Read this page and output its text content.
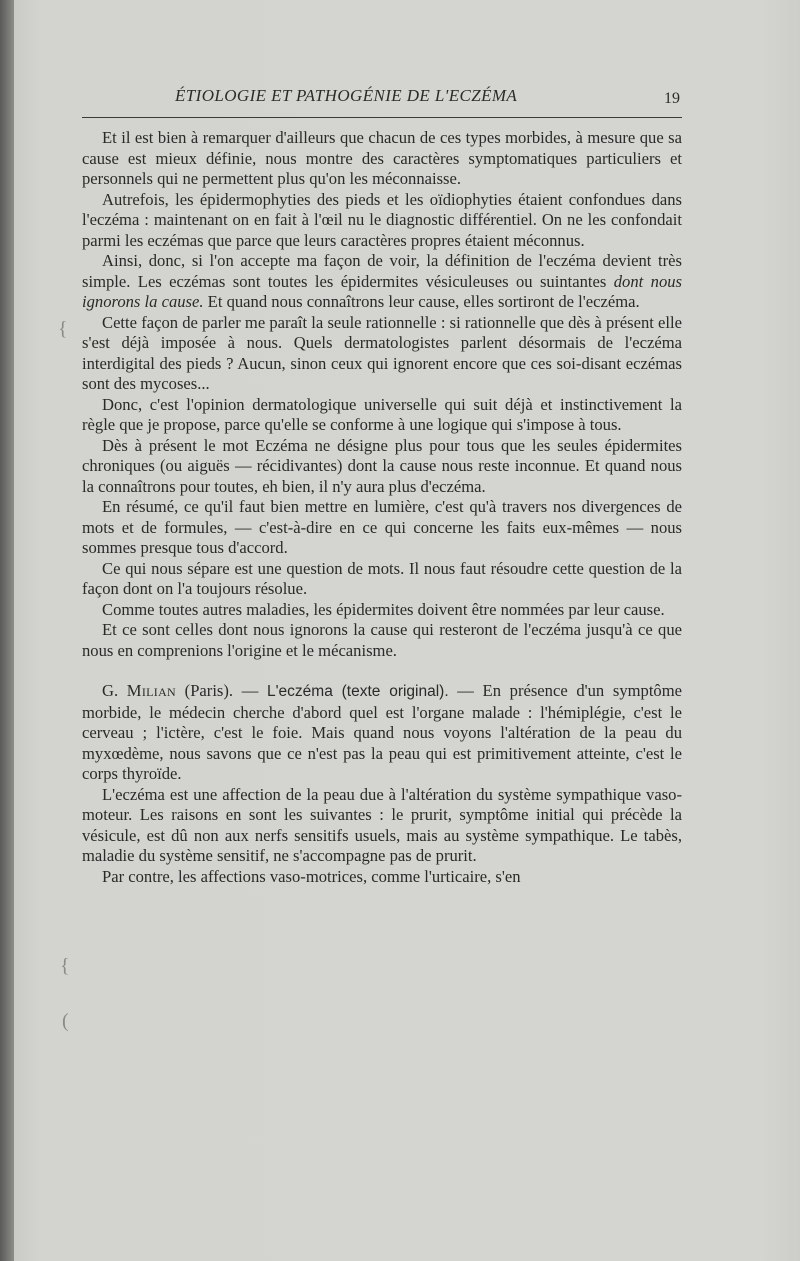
ÉTIOLOGIE ET PATHOGÉNIE DE L'ECZÉMA	19

Et il est bien à remarquer d'ailleurs que chacun de ces types morbides, à mesure que sa cause est mieux définie, nous montre des caractères symptomatiques particuliers et personnels qui ne permettent plus qu'on les méconnaisse.

Autrefois, les épidermophyties des pieds et les oïdiophyties étaient confondues dans l'eczéma : maintenant on en fait à l'œil nu le diagnostic différentiel. On ne les confondait parmi les eczémas que parce que leurs caractères propres étaient méconnus.

Ainsi, donc, si l'on accepte ma façon de voir, la définition de l'eczéma devient très simple. Les eczémas sont toutes les épidermites vésiculeuses ou suintantes dont nous ignorons la cause. Et quand nous connaîtrons leur cause, elles sortiront de l'eczéma.

Cette façon de parler me paraît la seule rationnelle : si rationnelle que dès à présent elle s'est déjà imposée à nous. Quels dermatologistes parlent désormais de l'eczéma interdigital des pieds ? Aucun, sinon ceux qui ignorent encore que ces soi-disant eczémas sont des mycoses...

Donc, c'est l'opinion dermatologique universelle qui suit déjà et instinctivement la règle que je propose, parce qu'elle se conforme à une logique qui s'impose à tous.

Dès à présent le mot Eczéma ne désigne plus pour tous que les seules épidermites chroniques (ou aiguës — récidivantes) dont la cause nous reste inconnue. Et quand nous la connaîtrons pour toutes, eh bien, il n'y aura plus d'eczéma.

En résumé, ce qu'il faut bien mettre en lumière, c'est qu'à travers nos divergences de mots et de formules, — c'est-à-dire en ce qui concerne les faits eux-mêmes — nous sommes presque tous d'accord.

Ce qui nous sépare est une question de mots. Il nous faut résoudre cette question de la façon dont on l'a toujours résolue.

Comme toutes autres maladies, les épidermites doivent être nommées par leur cause.

Et ce sont celles dont nous ignorons la cause qui resteront de l'eczéma jusqu'à ce que nous en comprenions l'origine et le mécanisme.

G. Milian (Paris). — L'eczéma (texte original). — En présence d'un symptôme morbide, le médecin cherche d'abord quel est l'organe malade : l'hémiplégie, c'est le cerveau ; l'ictère, c'est le foie. Mais quand nous voyons l'altération de la peau du myxœdème, nous savons que ce n'est pas la peau qui est primitivement atteinte, c'est le corps thyroïde.

L'eczéma est une affection de la peau due à l'altération du système sympathique vaso-moteur. Les raisons en sont les suivantes : le prurit, symptôme initial qui précède la vésicule, est dû non aux nerfs sensitifs usuels, mais au système sympathique. Le tabès, maladie du système sensitif, ne s'accompagne pas de prurit.

Par contre, les affections vaso-motrices, comme l'urticaire, s'en

{
{
(
